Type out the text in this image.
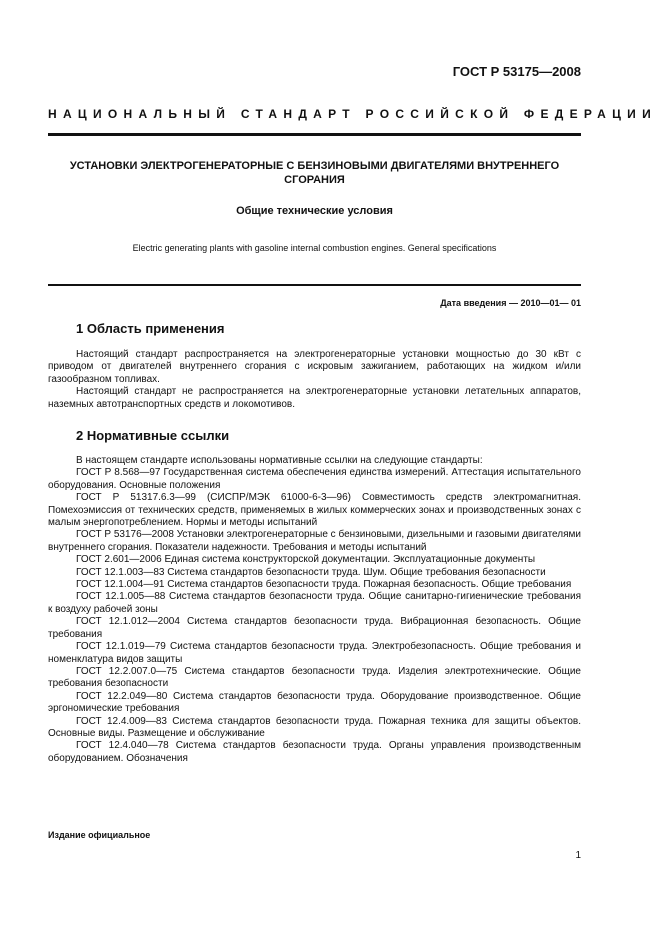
ГОСТ Р 53175—2008
НАЦИОНАЛЬНЫЙ СТАНДАРТ РОССИЙСКОЙ ФЕДЕРАЦИИ
УСТАНОВКИ ЭЛЕКТРОГЕНЕРАТОРНЫЕ С БЕНЗИНОВЫМИ ДВИГАТЕЛЯМИ ВНУТРЕННЕГО СГОРАНИЯ
Общие технические условия
Electric generating plants with gasoline internal combustion engines. General specifications
Дата введения — 2010—01— 01
1 Область применения

Настоящий стандарт распространяется на электрогенераторные установки мощностью до 30 кВт с приводом от двигателей внутреннего сгорания с искровым зажиганием, работающих на жидком и/или газообразном топливах.

Настоящий стандарт не распространяется на электрогенераторные установки летательных аппаратов, наземных автотранспортных средств и локомотивов.

2 Нормативные ссылки

В настоящем стандарте использованы нормативные ссылки на следующие стандарты:

ГОСТ Р 8.568—97 Государственная система обеспечения единства измерений. Аттестация испытательного оборудования. Основные положения

ГОСТ Р 51317.6.3—99 (СИСПР/МЭК 61000-6-3—96) Совместимость средств электромагнитная. Помехоэмиссия от технических средств, применяемых в жилых коммерческих зонах и производственных зонах с малым энергопотреблением. Нормы и методы испытаний

ГОСТ Р 53176—2008 Установки электрогенераторные с бензиновыми, дизельными и газовыми двигателями внутреннего сгорания. Показатели надежности. Требования и методы испытаний

ГОСТ 2.601—2006 Единая система конструкторской документации. Эксплуатационные документы

ГОСТ 12.1.003—83 Система стандартов безопасности труда. Шум. Общие требования безопасности

ГОСТ 12.1.004—91 Система стандартов безопасности труда. Пожарная безопасность. Общие требования

ГОСТ 12.1.005—88 Система стандартов безопасности труда. Общие санитарно-гигиенические требования к воздуху рабочей зоны

ГОСТ 12.1.012—2004 Система стандартов безопасности труда. Вибрационная безопасность. Общие требования

ГОСТ 12.1.019—79 Система стандартов безопасности труда. Электробезопасность. Общие требования и номенклатура видов защиты

ГОСТ 12.2.007.0—75 Система стандартов безопасности труда. Изделия электротехнические. Общие требования безопасности

ГОСТ 12.2.049—80 Система стандартов безопасности труда. Оборудование производственное. Общие эргономические требования

ГОСТ 12.4.009—83 Система стандартов безопасности труда. Пожарная техника для защиты объектов. Основные виды. Размещение и обслуживание

ГОСТ 12.4.040—78 Система стандартов безопасности труда. Органы управления производственным оборудованием. Обозначения

Издание официальное
1
